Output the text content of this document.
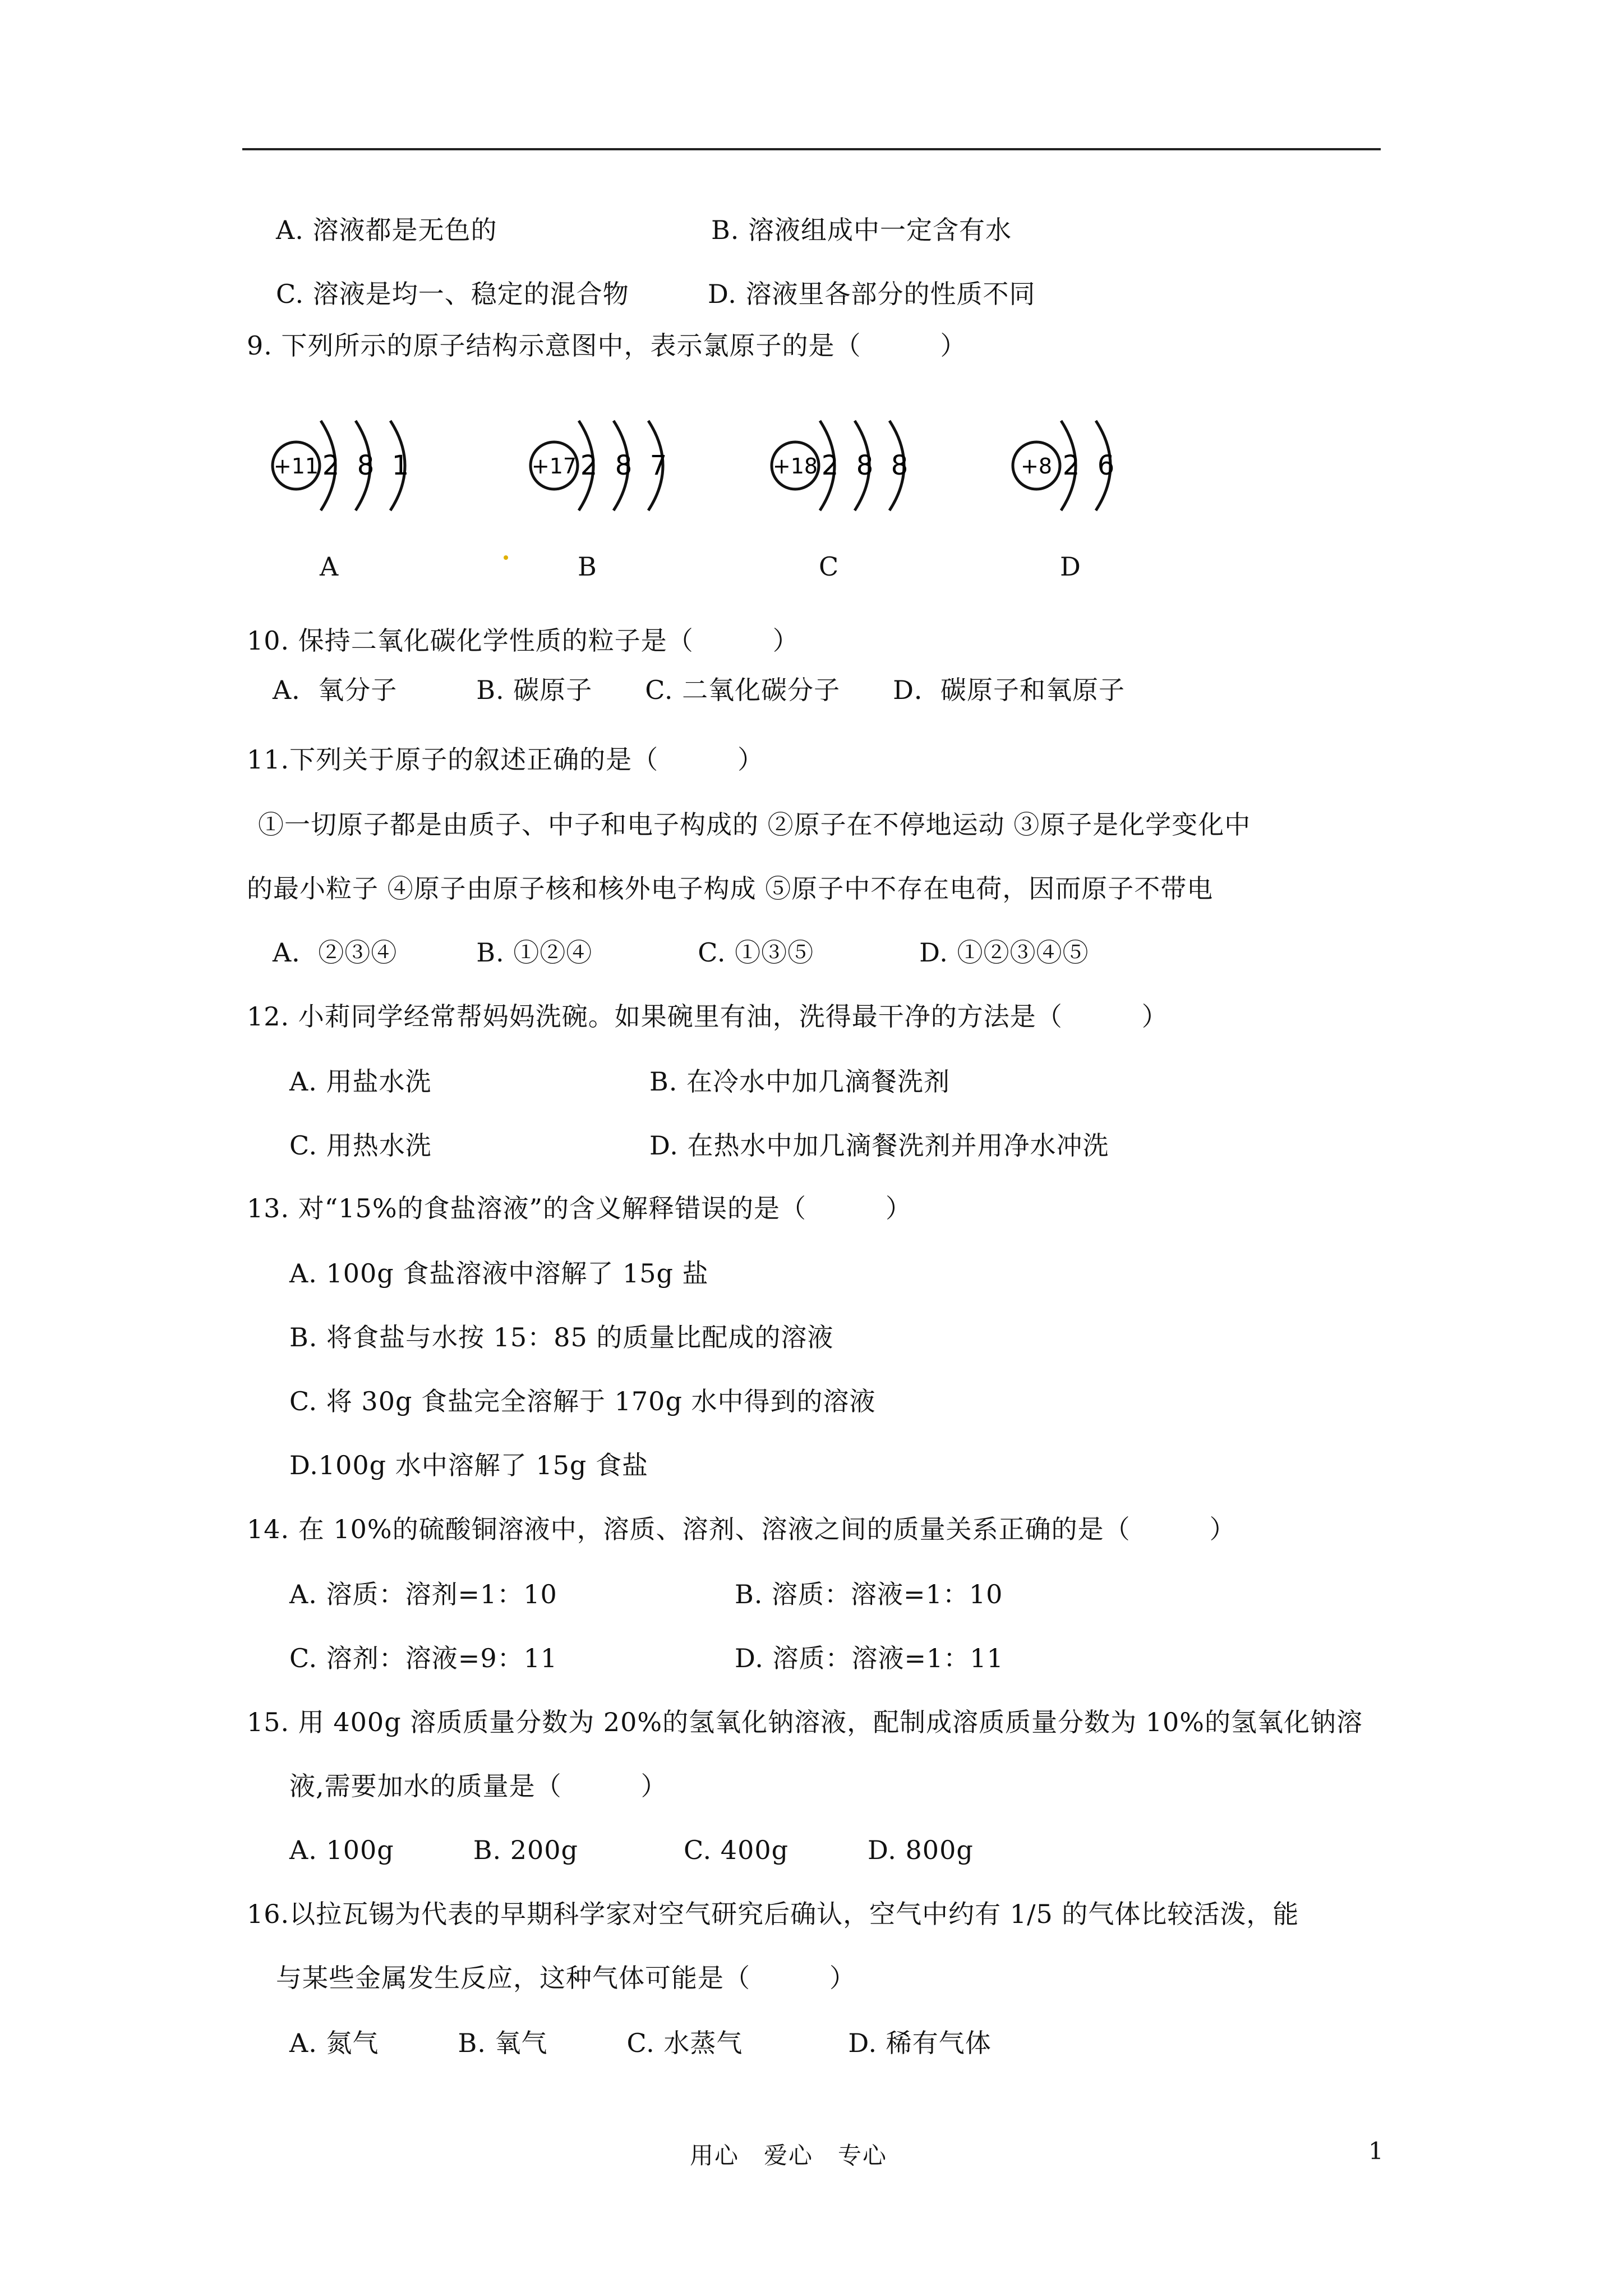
A. 溶液都是无色的	B. 溶液组成中一定含有水
C. 溶液是均一、稳定的混合物	D. 溶液里各部分的性质不同
9. 下列所示的原子结构示意图中，表示氯原子的是（　　　）
10. 保持二氧化碳化学性质的粒子是（　　　）
A．氧分子　　　B. 碳原子　　C. 二氧化碳分子　　D．碳原子和氧原子
11.下列关于原子的叙述正确的是（　　　）
①一切原子都是由质子、中子和电子构成的 ②原子在不停地运动 ③原子是化学变化中
的最小粒子 ④原子由原子核和核外电子构成 ⑤原子中不存在电荷，因而原子不带电
A．②③④　　　B. ①②④　　　　C. ①③⑤　　　　D. ①②③④⑤
12. 小莉同学经常帮妈妈洗碗。如果碗里有油，洗得最干净的方法是（　　　）
A. 用盐水洗	B. 在冷水中加几滴餐洗剂
C. 用热水洗	D. 在热水中加几滴餐洗剂并用净水冲洗
13. 对“15%的食盐溶液”的含义解释错误的是（　　　）
A. 100g 食盐溶液中溶解了 15g 盐
B. 将食盐与水按 15：85 的质量比配成的溶液
C. 将 30g 食盐完全溶解于 170g 水中得到的溶液
D.100g 水中溶解了 15g 食盐
14. 在 10%的硫酸铜溶液中，溶质、溶剂、溶液之间的质量关系正确的是（　　　）
A. 溶质：溶剂=1：10	B. 溶质：溶液=1：10
C. 溶剂：溶液=9：11	D. 溶质：溶液=1：11
15. 用 400g 溶质质量分数为 20%的氢氧化钠溶液，配制成溶质质量分数为 10%的氢氧化钠溶
液,需要加水的质量是（　　　）
A. 100g　　　B. 200g　　　　C. 400g　　　D. 800g
16.以拉瓦锡为代表的早期科学家对空气研究后确认，空气中约有 1/5 的气体比较活泼，能
与某些金属发生反应，这种气体可能是（　　　）
A. 氮气　　　B. 氧气　　　C. 水蒸气　　　　D. 稀有气体
+11 2 8 1
A
+17 2 8 7
B
+18 2 8 8
C
+8 2 6
D
用心　爱心　专心	1
